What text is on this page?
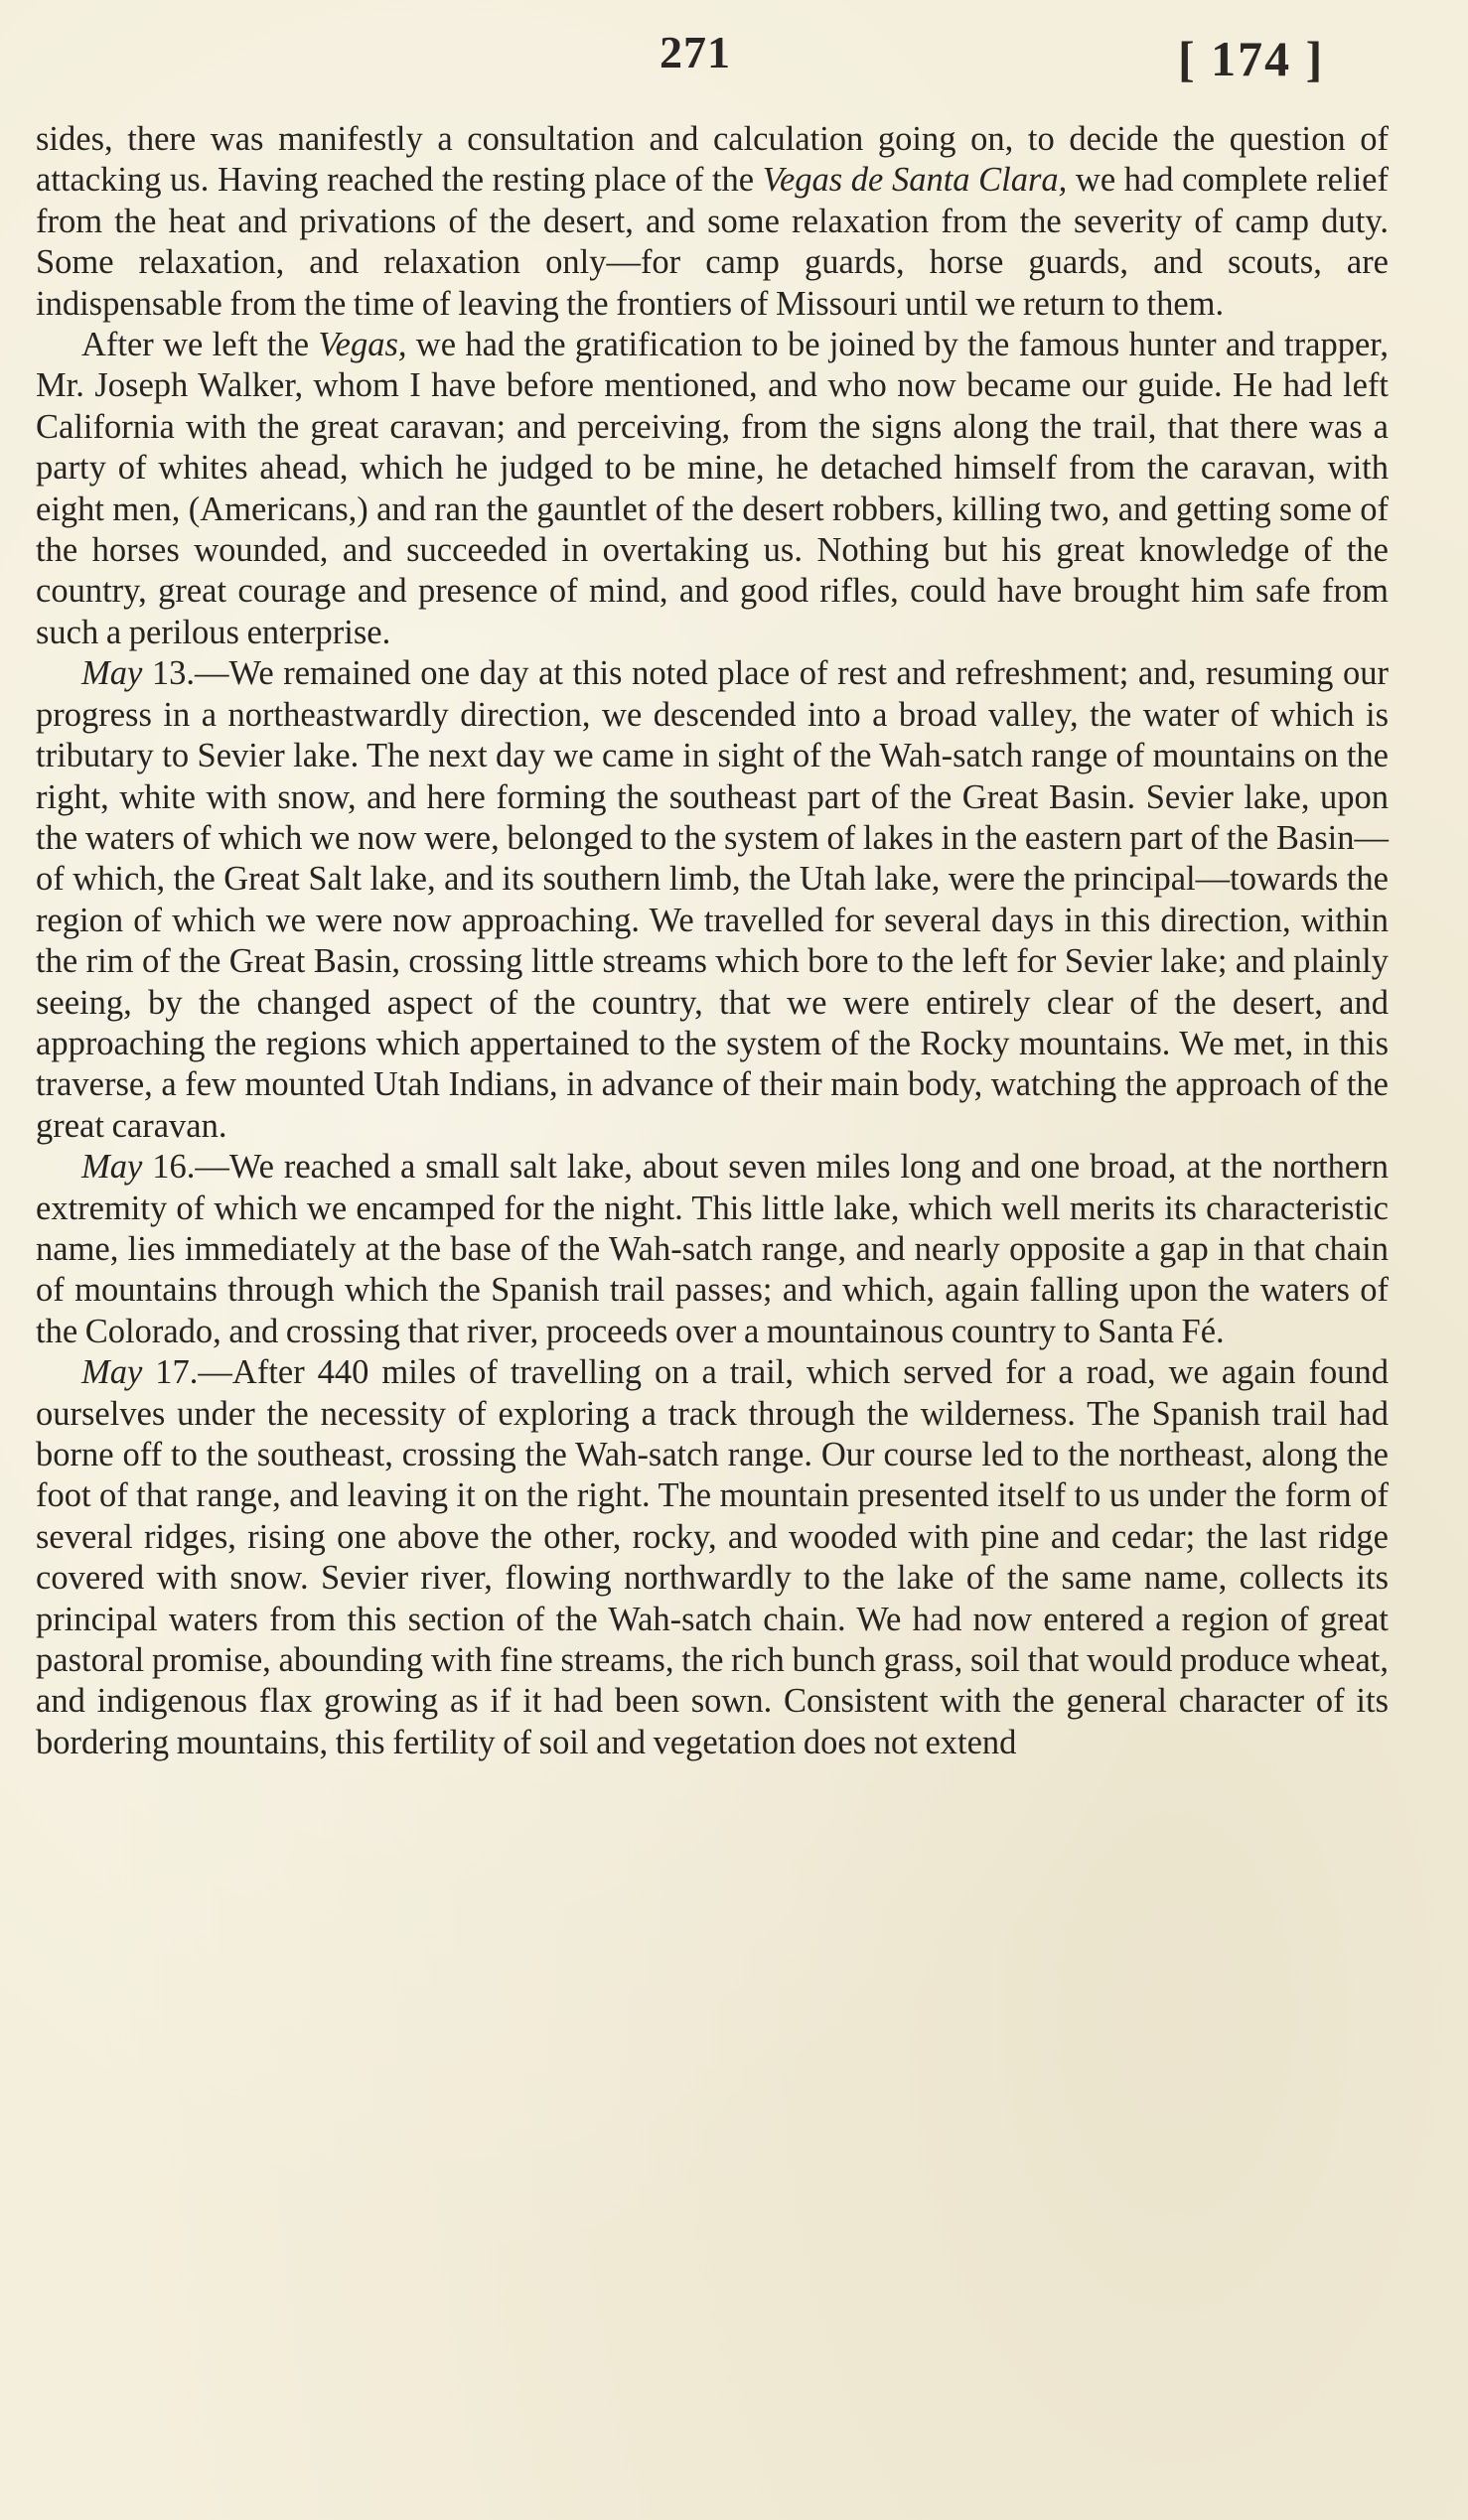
271	[ 174 ]

sides, there was manifestly a consultation and calculation going on, to decide the question of attacking us. Having reached the resting place of the Vegas de Santa Clara, we had complete relief from the heat and privations of the desert, and some relaxation from the severity of camp duty. Some relaxation, and relaxation only—for camp guards, horse guards, and scouts, are indispensable from the time of leaving the frontiers of Missouri until we return to them.

After we left the Vegas, we had the gratification to be joined by the famous hunter and trapper, Mr. Joseph Walker, whom I have before mentioned, and who now became our guide. He had left California with the great caravan; and perceiving, from the signs along the trail, that there was a party of whites ahead, which he judged to be mine, he detached himself from the caravan, with eight men, (Americans,) and ran the gauntlet of the desert robbers, killing two, and getting some of the horses wounded, and succeeded in overtaking us. Nothing but his great knowledge of the country, great courage and presence of mind, and good rifles, could have brought him safe from such a perilous enterprise.

May 13.—We remained one day at this noted place of rest and refreshment; and, resuming our progress in a northeastwardly direction, we descended into a broad valley, the water of which is tributary to Sevier lake. The next day we came in sight of the Wah-satch range of mountains on the right, white with snow, and here forming the southeast part of the Great Basin. Sevier lake, upon the waters of which we now were, belonged to the system of lakes in the eastern part of the Basin—of which, the Great Salt lake, and its southern limb, the Utah lake, were the principal—towards the region of which we were now approaching. We travelled for several days in this direction, within the rim of the Great Basin, crossing little streams which bore to the left for Sevier lake; and plainly seeing, by the changed aspect of the country, that we were entirely clear of the desert, and approaching the regions which appertained to the system of the Rocky mountains. We met, in this traverse, a few mounted Utah Indians, in advance of their main body, watching the approach of the great caravan.

May 16.—We reached a small salt lake, about seven miles long and one broad, at the northern extremity of which we encamped for the night. This little lake, which well merits its characteristic name, lies immediately at the base of the Wah-satch range, and nearly opposite a gap in that chain of mountains through which the Spanish trail passes; and which, again falling upon the waters of the Colorado, and crossing that river, proceeds over a mountainous country to Santa Fé.

May 17.—After 440 miles of travelling on a trail, which served for a road, we again found ourselves under the necessity of exploring a track through the wilderness. The Spanish trail had borne off to the southeast, crossing the Wah-satch range. Our course led to the northeast, along the foot of that range, and leaving it on the right. The mountain presented itself to us under the form of several ridges, rising one above the other, rocky, and wooded with pine and cedar; the last ridge covered with snow. Sevier river, flowing northwardly to the lake of the same name, collects its principal waters from this section of the Wah-satch chain. We had now entered a region of great pastoral promise, abounding with fine streams, the rich bunch grass, soil that would produce wheat, and indigenous flax growing as if it had been sown. Consistent with the general character of its bordering mountains, this fertility of soil and vegetation does not extend
